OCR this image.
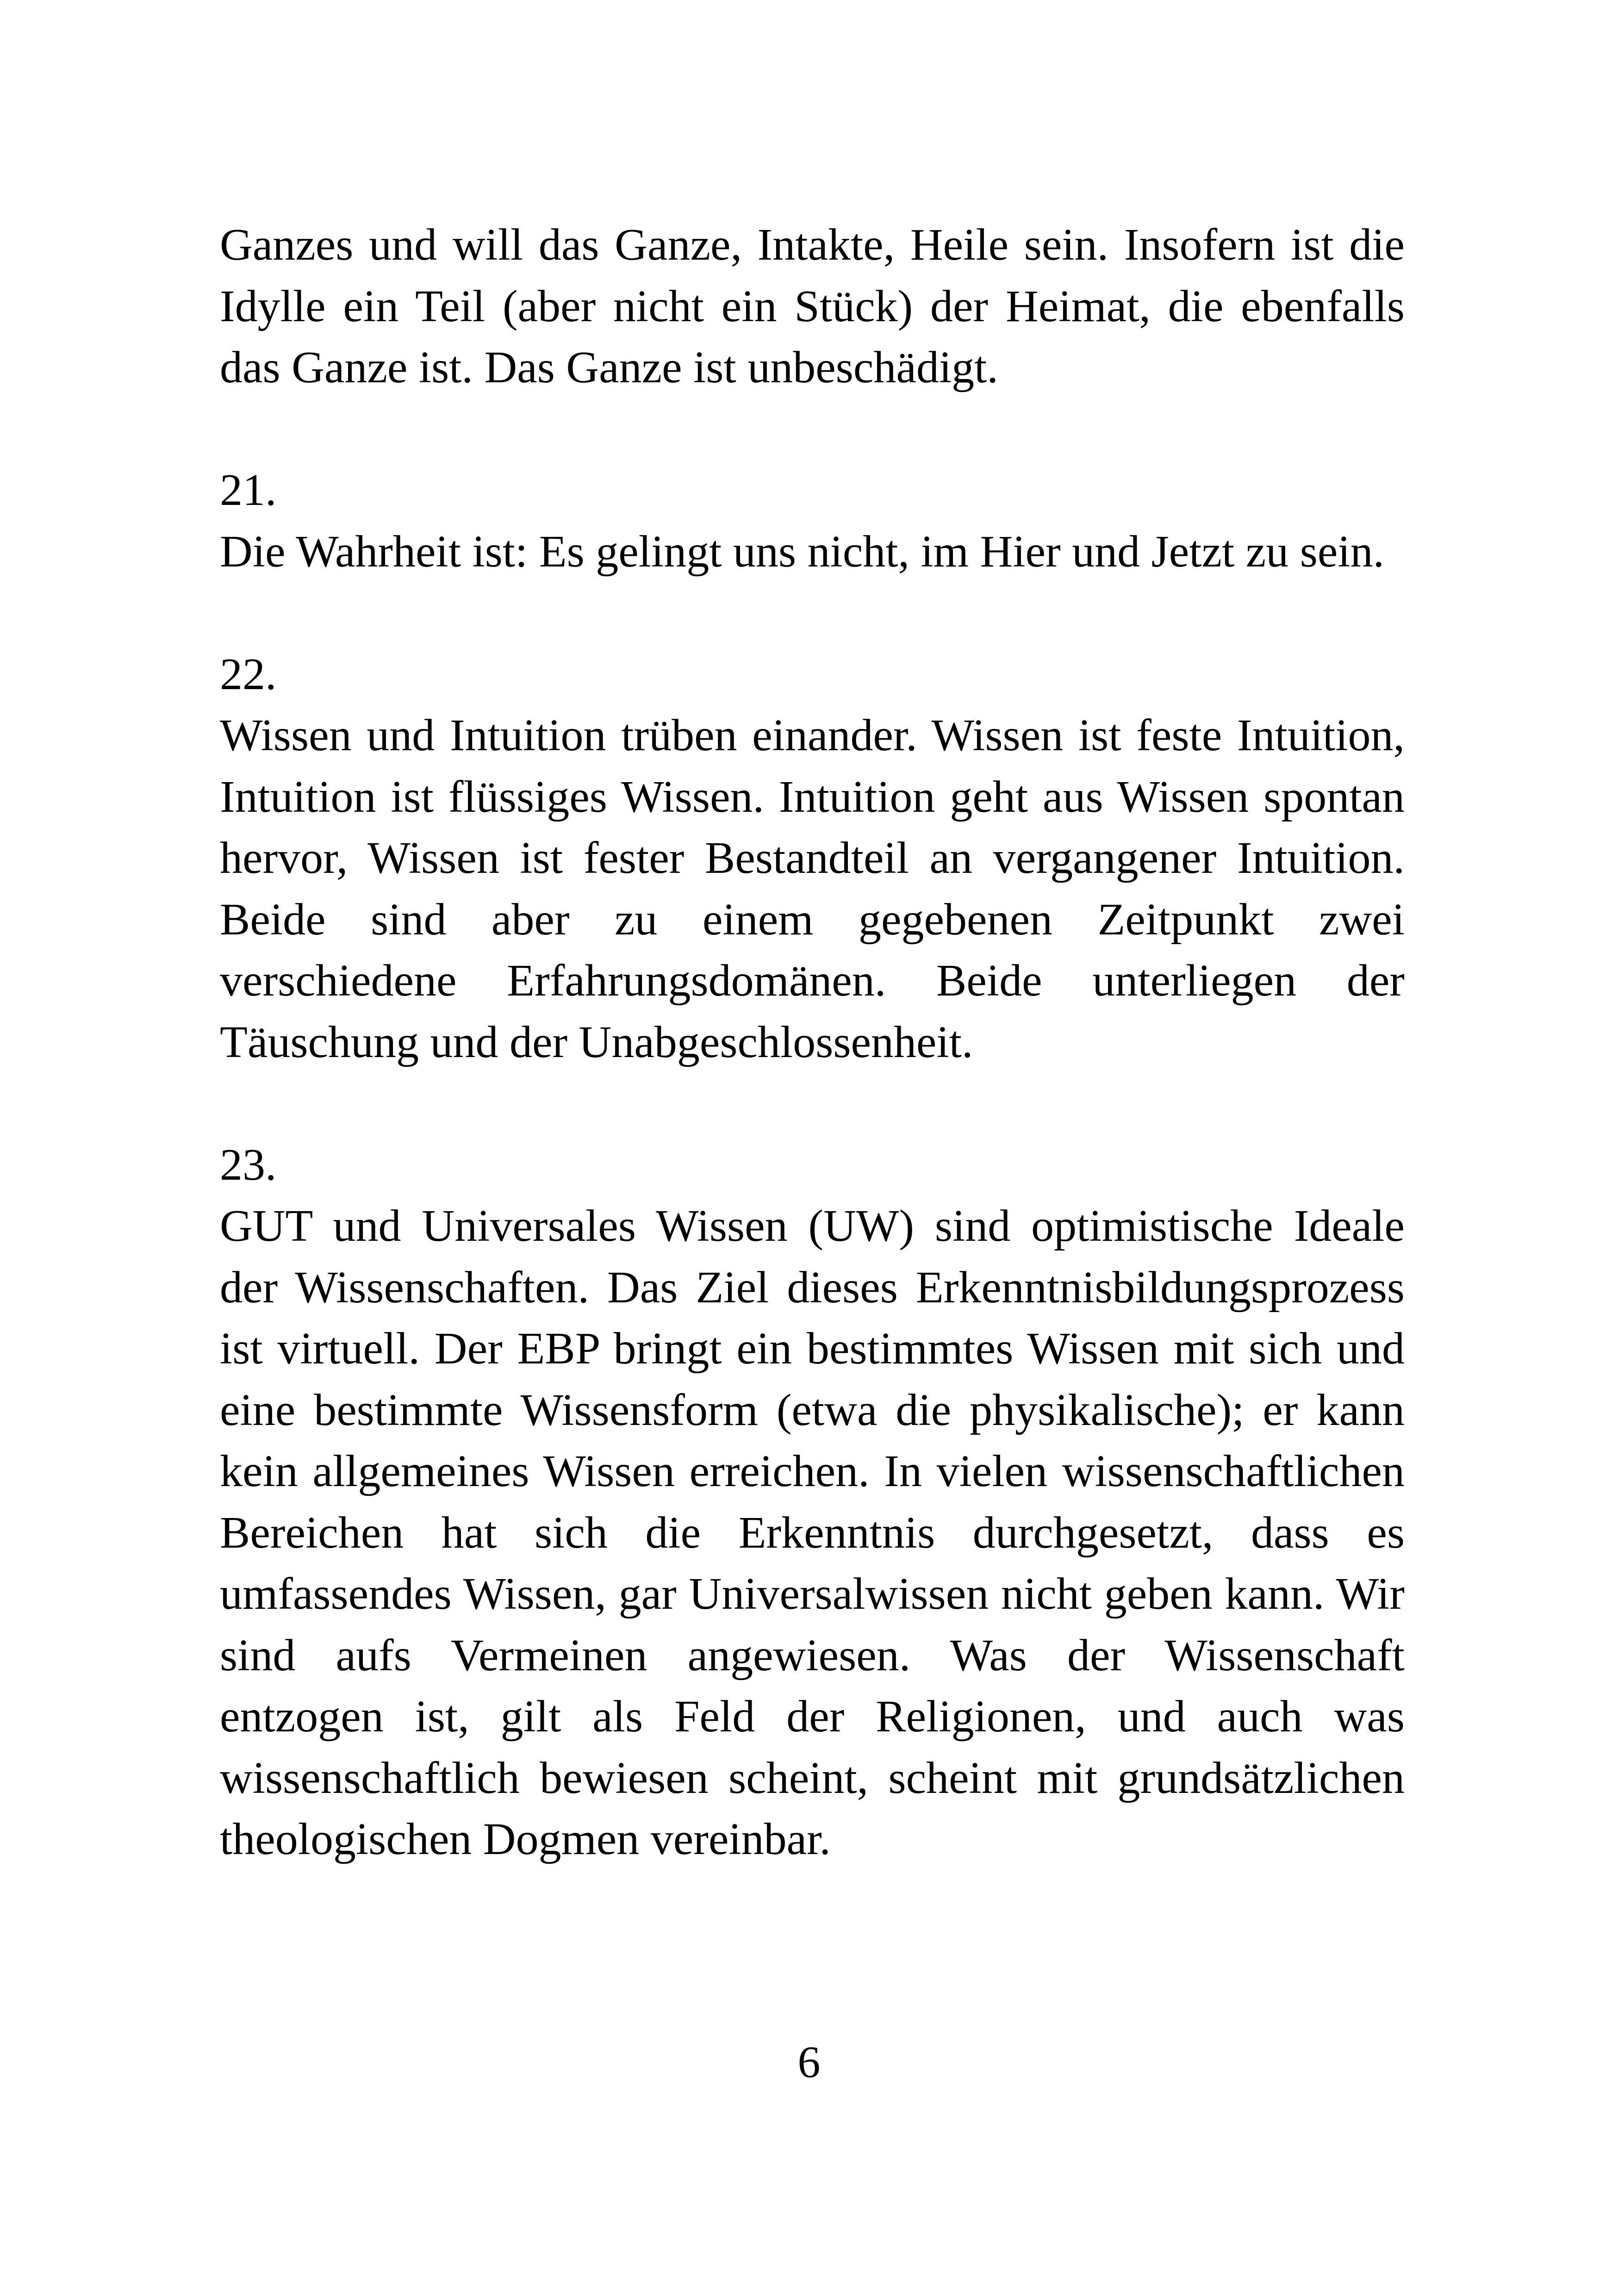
Ganzes und will das Ganze, Intakte, Heile sein. Insofern ist die Idylle ein Teil (aber nicht ein Stück) der Heimat, die ebenfalls das Ganze ist. Das Ganze ist unbeschädigt.

21.

Die Wahrheit ist: Es gelingt uns nicht, im Hier und Jetzt zu sein.

22.

Wissen und Intuition trüben einander. Wissen ist feste Intuition, Intuition ist flüssiges Wissen. Intuition geht aus Wissen spontan hervor, Wissen ist fester Bestandteil an vergangener Intuition. Beide sind aber zu einem gegebenen Zeitpunkt zwei verschiedene Erfahrungsdomänen. Beide unterliegen der Täuschung und der Unabgeschlossenheit.

23.

GUT und Universales Wissen (UW) sind optimistische Ideale der Wissenschaften. Das Ziel dieses Erkenntnisbildungsprozess ist virtuell. Der EBP bringt ein bestimmtes Wissen mit sich und eine bestimmte Wissensform (etwa die physikalische); er kann kein allgemeines Wissen erreichen. In vielen wissenschaftlichen Bereichen hat sich die Erkenntnis durchgesetzt, dass es umfassendes Wissen, gar Universalwissen nicht geben kann. Wir sind aufs Vermeinen angewiesen. Was der Wissenschaft entzogen ist, gilt als Feld der Religionen, und auch was wissenschaftlich bewiesen scheint, scheint mit grundsätzlichen theologischen Dogmen vereinbar.

6
